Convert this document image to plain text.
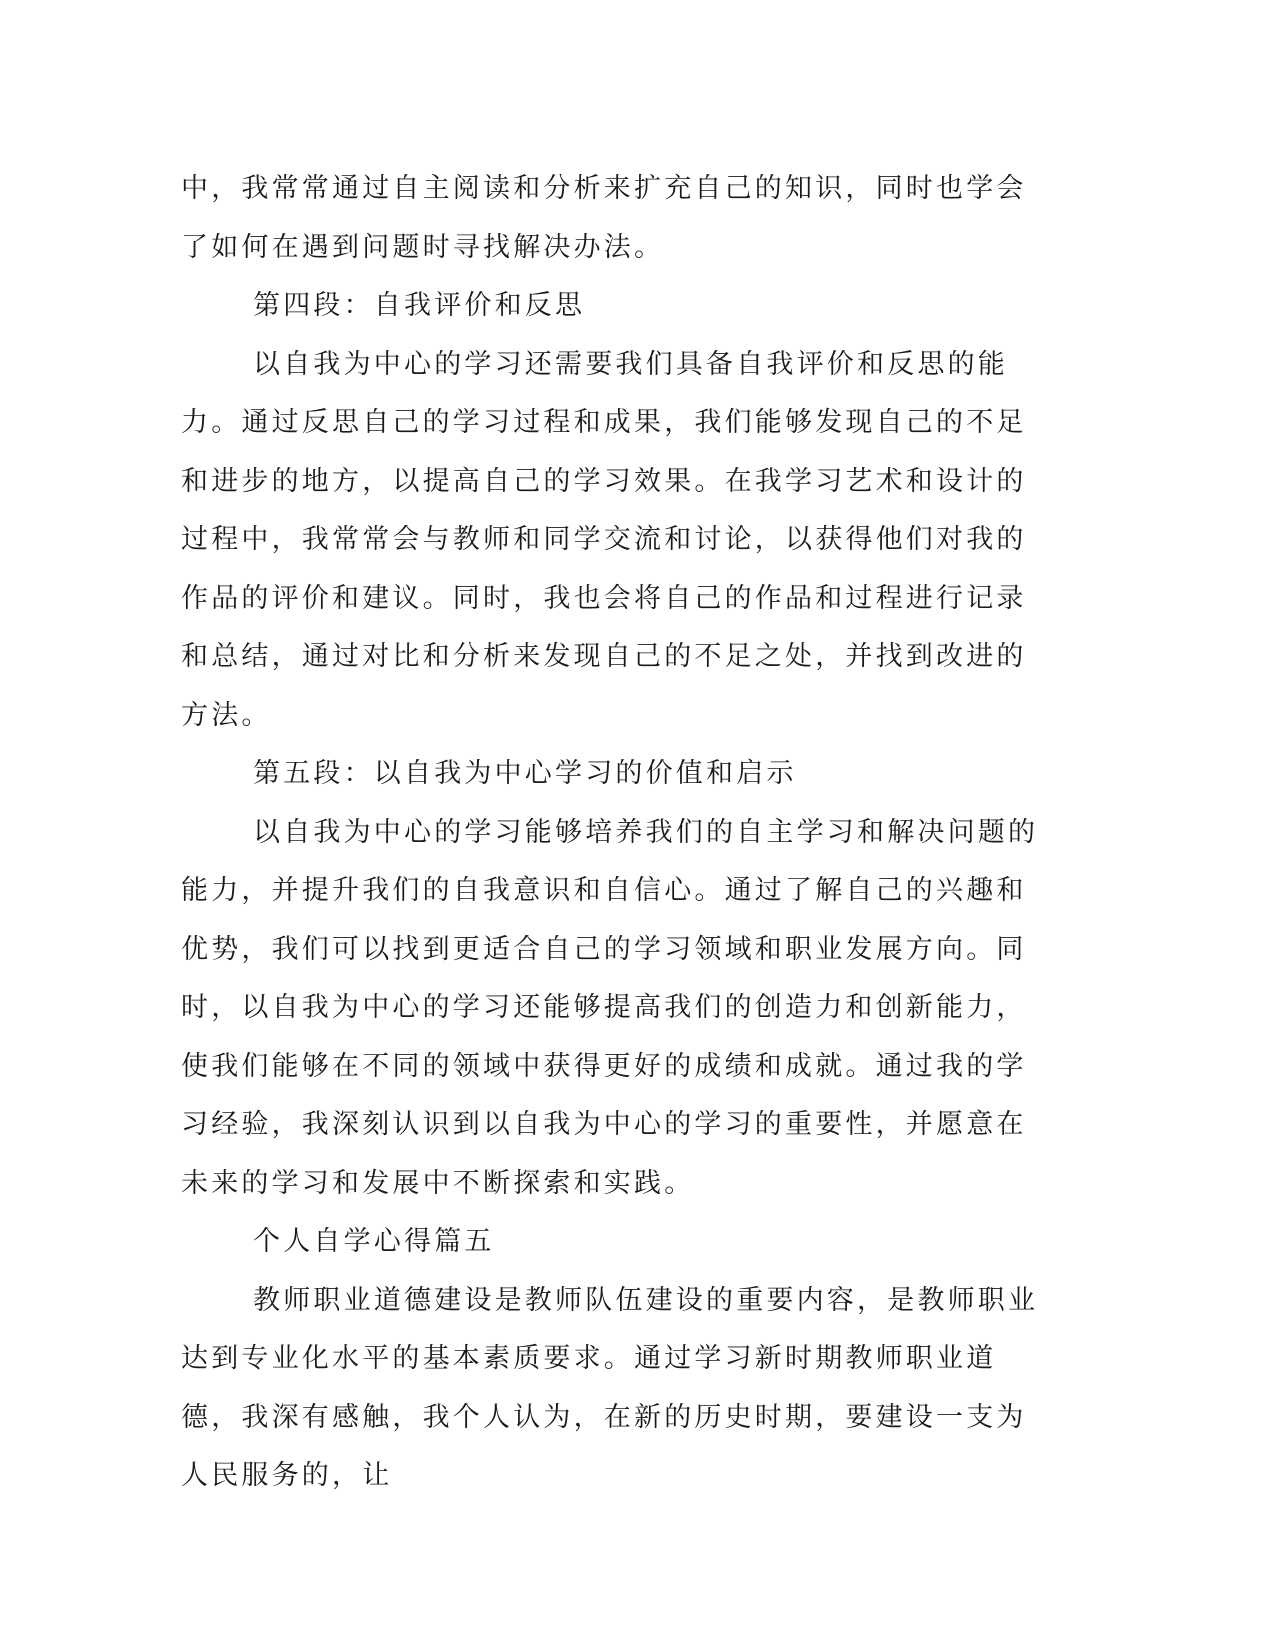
中，我常常通过自主阅读和分析来扩充自己的知识，同时也学会了如何在遇到问题时寻找解决办法。

第四段：自我评价和反思

以自我为中心的学习还需要我们具备自我评价和反思的能力。通过反思自己的学习过程和成果，我们能够发现自己的不足和进步的地方，以提高自己的学习效果。在我学习艺术和设计的过程中，我常常会与教师和同学交流和讨论，以获得他们对我的作品的评价和建议。同时，我也会将自己的作品和过程进行记录和总结，通过对比和分析来发现自己的不足之处，并找到改进的方法。

第五段：以自我为中心学习的价值和启示

以自我为中心的学习能够培养我们的自主学习和解决问题的能力，并提升我们的自我意识和自信心。通过了解自己的兴趣和优势，我们可以找到更适合自己的学习领域和职业发展方向。同时，以自我为中心的学习还能够提高我们的创造力和创新能力，使我们能够在不同的领域中获得更好的成绩和成就。通过我的学习经验，我深刻认识到以自我为中心的学习的重要性，并愿意在未来的学习和发展中不断探索和实践。

个人自学心得篇五

教师职业道德建设是教师队伍建设的重要内容，是教师职业达到专业化水平的基本素质要求。通过学习新时期教师职业道德，我深有感触，我个人认为，在新的历史时期，要建设一支为人民服务的，让
